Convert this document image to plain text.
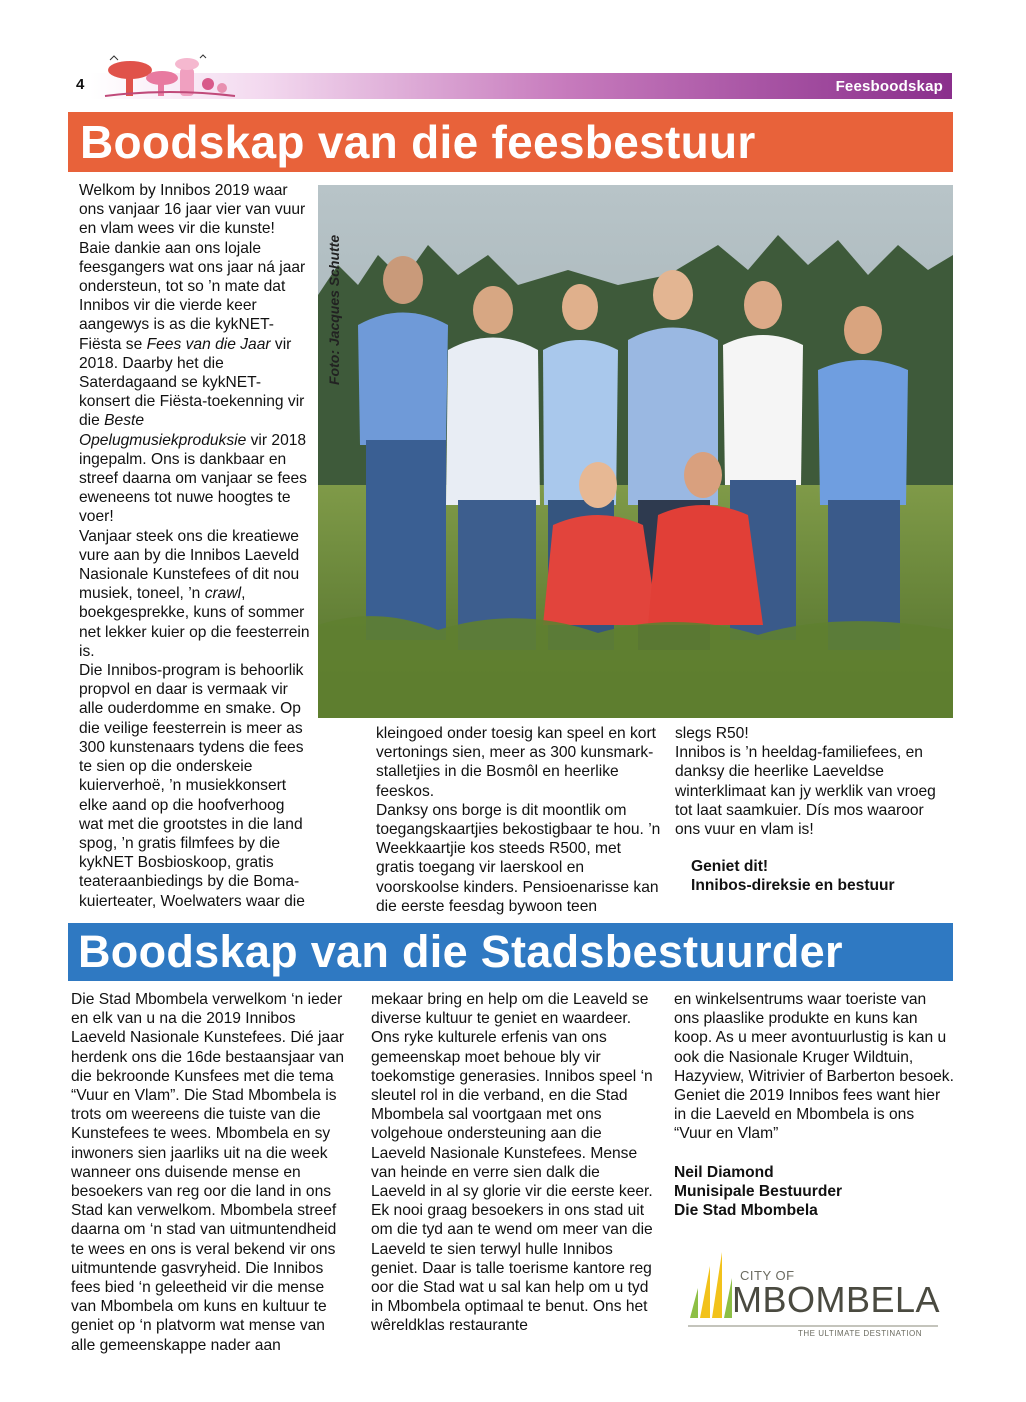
4	Feesboodskap
Boodskap van die feesbestuur

Welkom by Innibos 2019 waar ons vanjaar 16 jaar vier van vuur en vlam wees vir die kunste!

Baie dankie aan ons lojale feesgangers wat ons jaar ná jaar ondersteun, tot so ’n mate dat Innibos vir die vierde keer aangewys is as die kykNET-Fiësta se Fees van die Jaar vir 2018. Daarby het die Saterdagaand se kykNET-konsert die Fiësta-toekenning vir die Beste Opelugmusiekproduksie vir 2018 ingepalm. Ons is dankbaar en streef daarna om vanjaar se fees eweneens tot nuwe hoogtes te voer!

Vanjaar steek ons die kreatiewe vure aan by die Innibos Laeveld Nasionale Kunstefees of dit nou musiek, toneel, ’n crawl, boekgesprekke, kuns of sommer net lekker kuier op die feesterrein is.

Die Innibos-program is behoorlik propvol en daar is vermaak vir alle ouderdomme en smake. Op die veilige feesterrein is meer as 300 kunstenaars tydens die fees te sien op die onderskeie kuierverhoë, ’n musiekkonsert elke aand op die hoofverhoog wat met die grootstes in die land spog, ’n gratis filmfees by die kykNET Bosbioskoop, gratis teateraanbiedings by die Boma-kuierteater, Woelwaters waar die

Foto: Jacques Schutte

kleingoed onder toesig kan speel en kort vertonings sien, meer as 300 kunsmark-stalletjies in die Bosmôl en heerlike feeskos.

Danksy ons borge is dit moontlik om toegangskaartjies bekostigbaar te hou. ’n Weekkaartjie kos steeds R500, met gratis toegang vir laerskool en voorskoolse kinders. Pensioenarisse kan die eerste feesdag bywoon teen

slegs R50!

Innibos is ’n heeldag-familiefees, en danksy die heerlike Laeveldse winterklimaat kan jy werklik van vroeg tot laat saamkuier. Dís mos waaroor ons vuur en vlam is!

Geniet dit!

Innibos-direksie en bestuur

Boodskap van die Stadsbestuurder

Die Stad Mbombela verwelkom ‘n ieder en elk van u na die 2019 Innibos Laeveld Nasionale Kunstefees. Dié jaar herdenk ons die 16de bestaansjaar van die bekroonde Kunsfees met die tema “Vuur en Vlam”. Die Stad Mbombela is trots om weereens die tuiste van die Kunstefees te wees. Mbombela en sy inwoners sien jaarliks uit na die week wanneer ons duisende mense en besoekers van reg oor die land in ons Stad kan verwelkom. Mbombela streef daarna om ‘n stad van uitmuntendheid te wees en ons is veral bekend vir ons uitmuntende gasvryheid. Die Innibos fees bied ‘n geleetheid vir die mense van Mbombela om kuns en kultuur te geniet op ‘n platvorm wat mense van alle gemeenskappe nader aan

mekaar bring en help om die Leaveld se diverse kultuur te geniet en waardeer. Ons ryke kulturele erfenis van ons gemeenskap moet behoue bly vir toekomstige generasies. Innibos speel ‘n sleutel rol in die verband, en die Stad Mbombela sal voortgaan met ons volgehoue ondersteuning aan die Laeveld Nasionale Kunstefees. Mense van heinde en verre sien dalk die Laeveld in al sy glorie vir die eerste keer.

Ek nooi graag besoekers in ons stad uit om die tyd aan te wend om meer van die Laeveld te sien terwyl hulle Innibos geniet. Daar is talle toerisme kantore reg oor die Stad wat u sal kan help om u tyd in Mbombela optimaal te benut. Ons het wêreldklas restaurante

en winkelsentrums waar toeriste van ons plaaslike produkte en kuns kan koop. As u meer avontuurlustig is kan u ook die Nasionale Kruger Wildtuin, Hazyview, Witrivier of Barberton besoek.

Geniet die 2019 Innibos fees want hier in die Laeveld en Mbombela is ons “Vuur en Vlam”

Neil Diamond

Munisipale Bestuurder

Die Stad Mbombela

CITY OF
MBOMBELA
THE ULTIMATE DESTINATION
